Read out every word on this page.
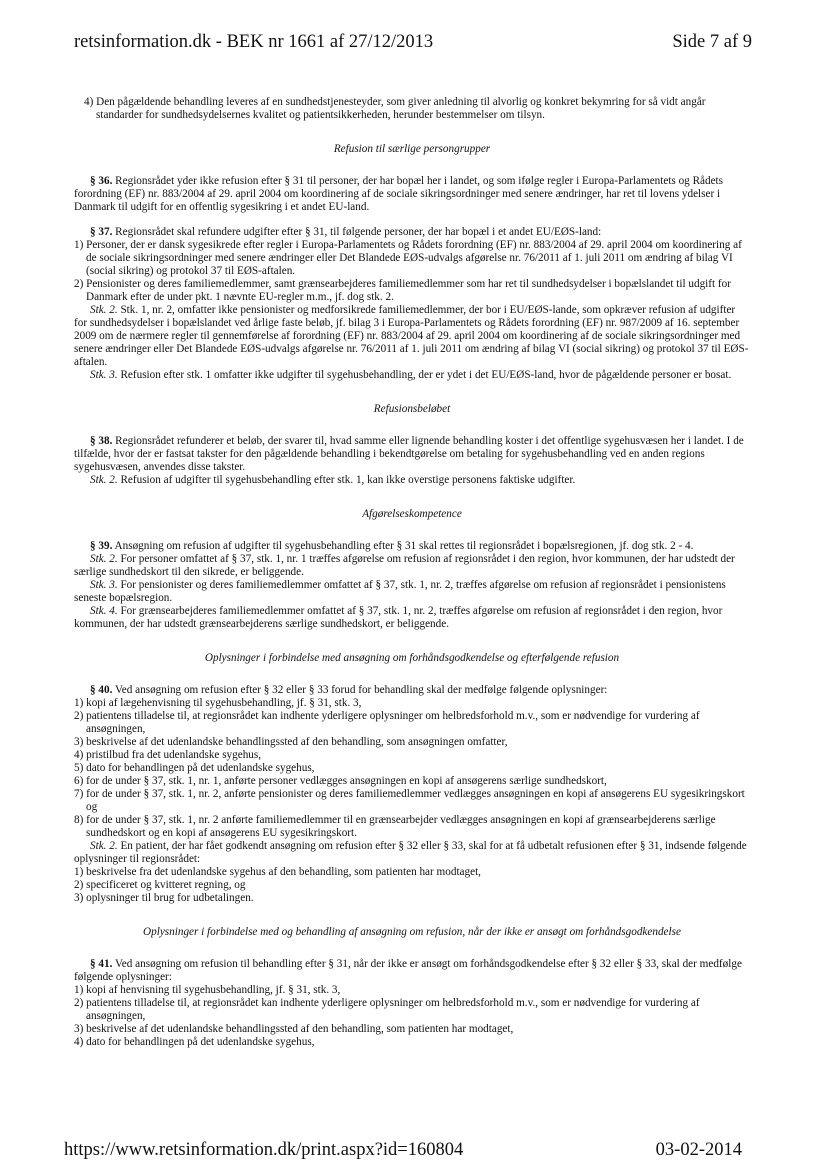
retsinformation.dk - BEK nr 1661 af 27/12/2013	Side 7 af 9

4) Den pågældende behandling leveres af en sundhedstjenesteyder, som giver anledning til alvorlig og konkret bekymring for så vidt angår standarder for sundhedsydelsernes kvalitet og patientsikkerheden, herunder bestemmelser om tilsyn.

Refusion til særlige persongrupper

§ 36. Regionsrådet yder ikke refusion efter § 31 til personer, der har bopæl her i landet, og som ifølge regler i Europa-Parlamentets og Rådets forordning (EF) nr. 883/2004 af 29. april 2004 om koordinering af de sociale sikringsordninger med senere ændringer, har ret til lovens ydelser i Danmark til udgift for en offentlig sygesikring i et andet EU-land.

§ 37. Regionsrådet skal refundere udgifter efter § 31, til følgende personer, der har bopæl i et andet EU/EØS-land:

1) Personer, der er dansk sygesikrede efter regler i Europa-Parlamentets og Rådets forordning (EF) nr. 883/2004 af 29. april 2004 om koordinering af de sociale sikringsordninger med senere ændringer eller Det Blandede EØS-udvalgs afgørelse nr. 76/2011 af 1. juli 2011 om ændring af bilag VI (social sikring) og protokol 37 til EØS-aftalen.

2) Pensionister og deres familiemedlemmer, samt grænsearbejderes familiemedlemmer som har ret til sundhedsydelser i bopælslandet til udgift for Danmark efter de under pkt. 1 nævnte EU-regler m.m., jf. dog stk. 2.

Stk. 2. Stk. 1, nr. 2, omfatter ikke pensionister og medforsikrede familiemedlemmer, der bor i EU/EØS-lande, som opkræver refusion af udgifter for sundhedsydelser i bopælslandet ved årlige faste beløb, jf. bilag 3 i Europa-Parlamentets og Rådets forordning (EF) nr. 987/2009 af 16. september 2009 om de nærmere regler til gennemførelse af forordning (EF) nr. 883/2004 af 29. april 2004 om koordinering af de sociale sikringsordninger med senere ændringer eller Det Blandede EØS-udvalgs afgørelse nr. 76/2011 af 1. juli 2011 om ændring af bilag VI (social sikring) og protokol 37 til EØS-aftalen.

Stk. 3. Refusion efter stk. 1 omfatter ikke udgifter til sygehusbehandling, der er ydet i det EU/EØS-land, hvor de pågældende personer er bosat.

Refusionsbeløbet

§ 38. Regionsrådet refunderer et beløb, der svarer til, hvad samme eller lignende behandling koster i det offentlige sygehusvæsen her i landet. I de tilfælde, hvor der er fastsat takster for den pågældende behandling i bekendtgørelse om betaling for sygehusbehandling ved en anden regions sygehusvæsen, anvendes disse takster.

Stk. 2. Refusion af udgifter til sygehusbehandling efter stk. 1, kan ikke overstige personens faktiske udgifter.

Afgørelseskompetence

§ 39. Ansøgning om refusion af udgifter til sygehusbehandling efter § 31 skal rettes til regionsrådet i bopælsregionen, jf. dog stk. 2 - 4.

Stk. 2. For personer omfattet af § 37, stk. 1, nr. 1 træffes afgørelse om refusion af regionsrådet i den region, hvor kommunen, der har udstedt der særlige sundhedskort til den sikrede, er beliggende.

Stk. 3. For pensionister og deres familiemedlemmer omfattet af § 37, stk. 1, nr. 2, træffes afgørelse om refusion af regionsrådet i pensionistens seneste bopælsregion.

Stk. 4. For grænsearbejderes familiemedlemmer omfattet af § 37, stk. 1, nr. 2, træffes afgørelse om refusion af regionsrådet i den region, hvor kommunen, der har udstedt grænsearbejderens særlige sundhedskort, er beliggende.

Oplysninger i forbindelse med ansøgning om forhåndsgodkendelse og efterfølgende refusion

§ 40. Ved ansøgning om refusion efter § 32 eller § 33 forud for behandling skal der medfølge følgende oplysninger:

1) kopi af lægehenvisning til sygehusbehandling, jf. § 31, stk. 3,

2) patientens tilladelse til, at regionsrådet kan indhente yderligere oplysninger om helbredsforhold m.v., som er nødvendige for vurdering af ansøgningen,

3) beskrivelse af det udenlandske behandlingssted af den behandling, som ansøgningen omfatter,

4) pristilbud fra det udenlandske sygehus,

5) dato for behandlingen på det udenlandske sygehus,

6) for de under § 37, stk. 1, nr. 1, anførte personer vedlægges ansøgningen en kopi af ansøgerens særlige sundhedskort,

7) for de under § 37, stk. 1, nr. 2, anførte pensionister og deres familiemedlemmer vedlægges ansøgningen en kopi af ansøgerens EU sygesikringskort og

8) for de under § 37, stk. 1, nr. 2 anførte familiemedlemmer til en grænsearbejder vedlægges ansøgningen en kopi af grænsearbejderens særlige sundhedskort og en kopi af ansøgerens EU sygesikringskort.

Stk. 2. En patient, der har fået godkendt ansøgning om refusion efter § 32 eller § 33, skal for at få udbetalt refusionen efter § 31, indsende følgende oplysninger til regionsrådet:

1) beskrivelse fra det udenlandske sygehus af den behandling, som patienten har modtaget,

2) specificeret og kvitteret regning, og

3) oplysninger til brug for udbetalingen.

Oplysninger i forbindelse med og behandling af ansøgning om refusion, når der ikke er ansøgt om forhåndsgodkendelse

§ 41. Ved ansøgning om refusion til behandling efter § 31, når der ikke er ansøgt om forhåndsgodkendelse efter § 32 eller § 33, skal der medfølge følgende oplysninger:

1) kopi af henvisning til sygehusbehandling, jf. § 31, stk. 3,

2) patientens tilladelse til, at regionsrådet kan indhente yderligere oplysninger om helbredsforhold m.v., som er nødvendige for vurdering af ansøgningen,

3) beskrivelse af det udenlandske behandlingssted af den behandling, som patienten har modtaget,

4) dato for behandlingen på det udenlandske sygehus,

https://www.retsinformation.dk/print.aspx?id=160804	03-02-2014
